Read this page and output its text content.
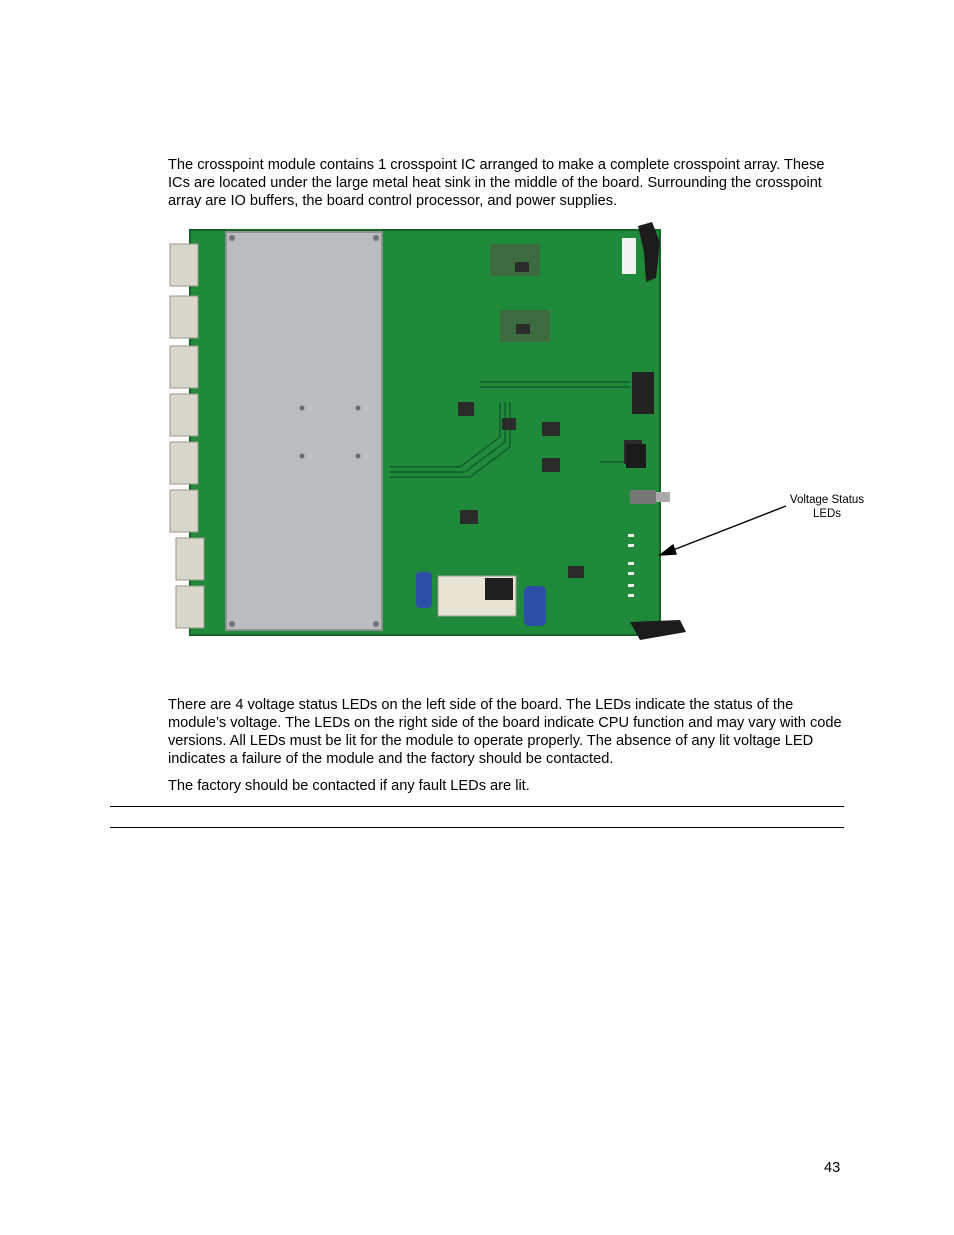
The crosspoint module contains 1 crosspoint IC arranged to make a complete crosspoint array. These ICs are located under the large metal heat sink in the middle of the board. Surrounding the crosspoint array are IO buffers, the board control processor, and power supplies.

Voltage Status
LEDs

There are 4 voltage status LEDs on the left side of the board. The LEDs indicate the status of the module’s voltage. The LEDs on the right side of the board indicate CPU function and may vary with code versions. All LEDs must be lit for the module to operate properly. The absence of any lit voltage LED indicates a failure of the module and the factory should be contacted.

The factory should be contacted if any fault LEDs are lit.

43
